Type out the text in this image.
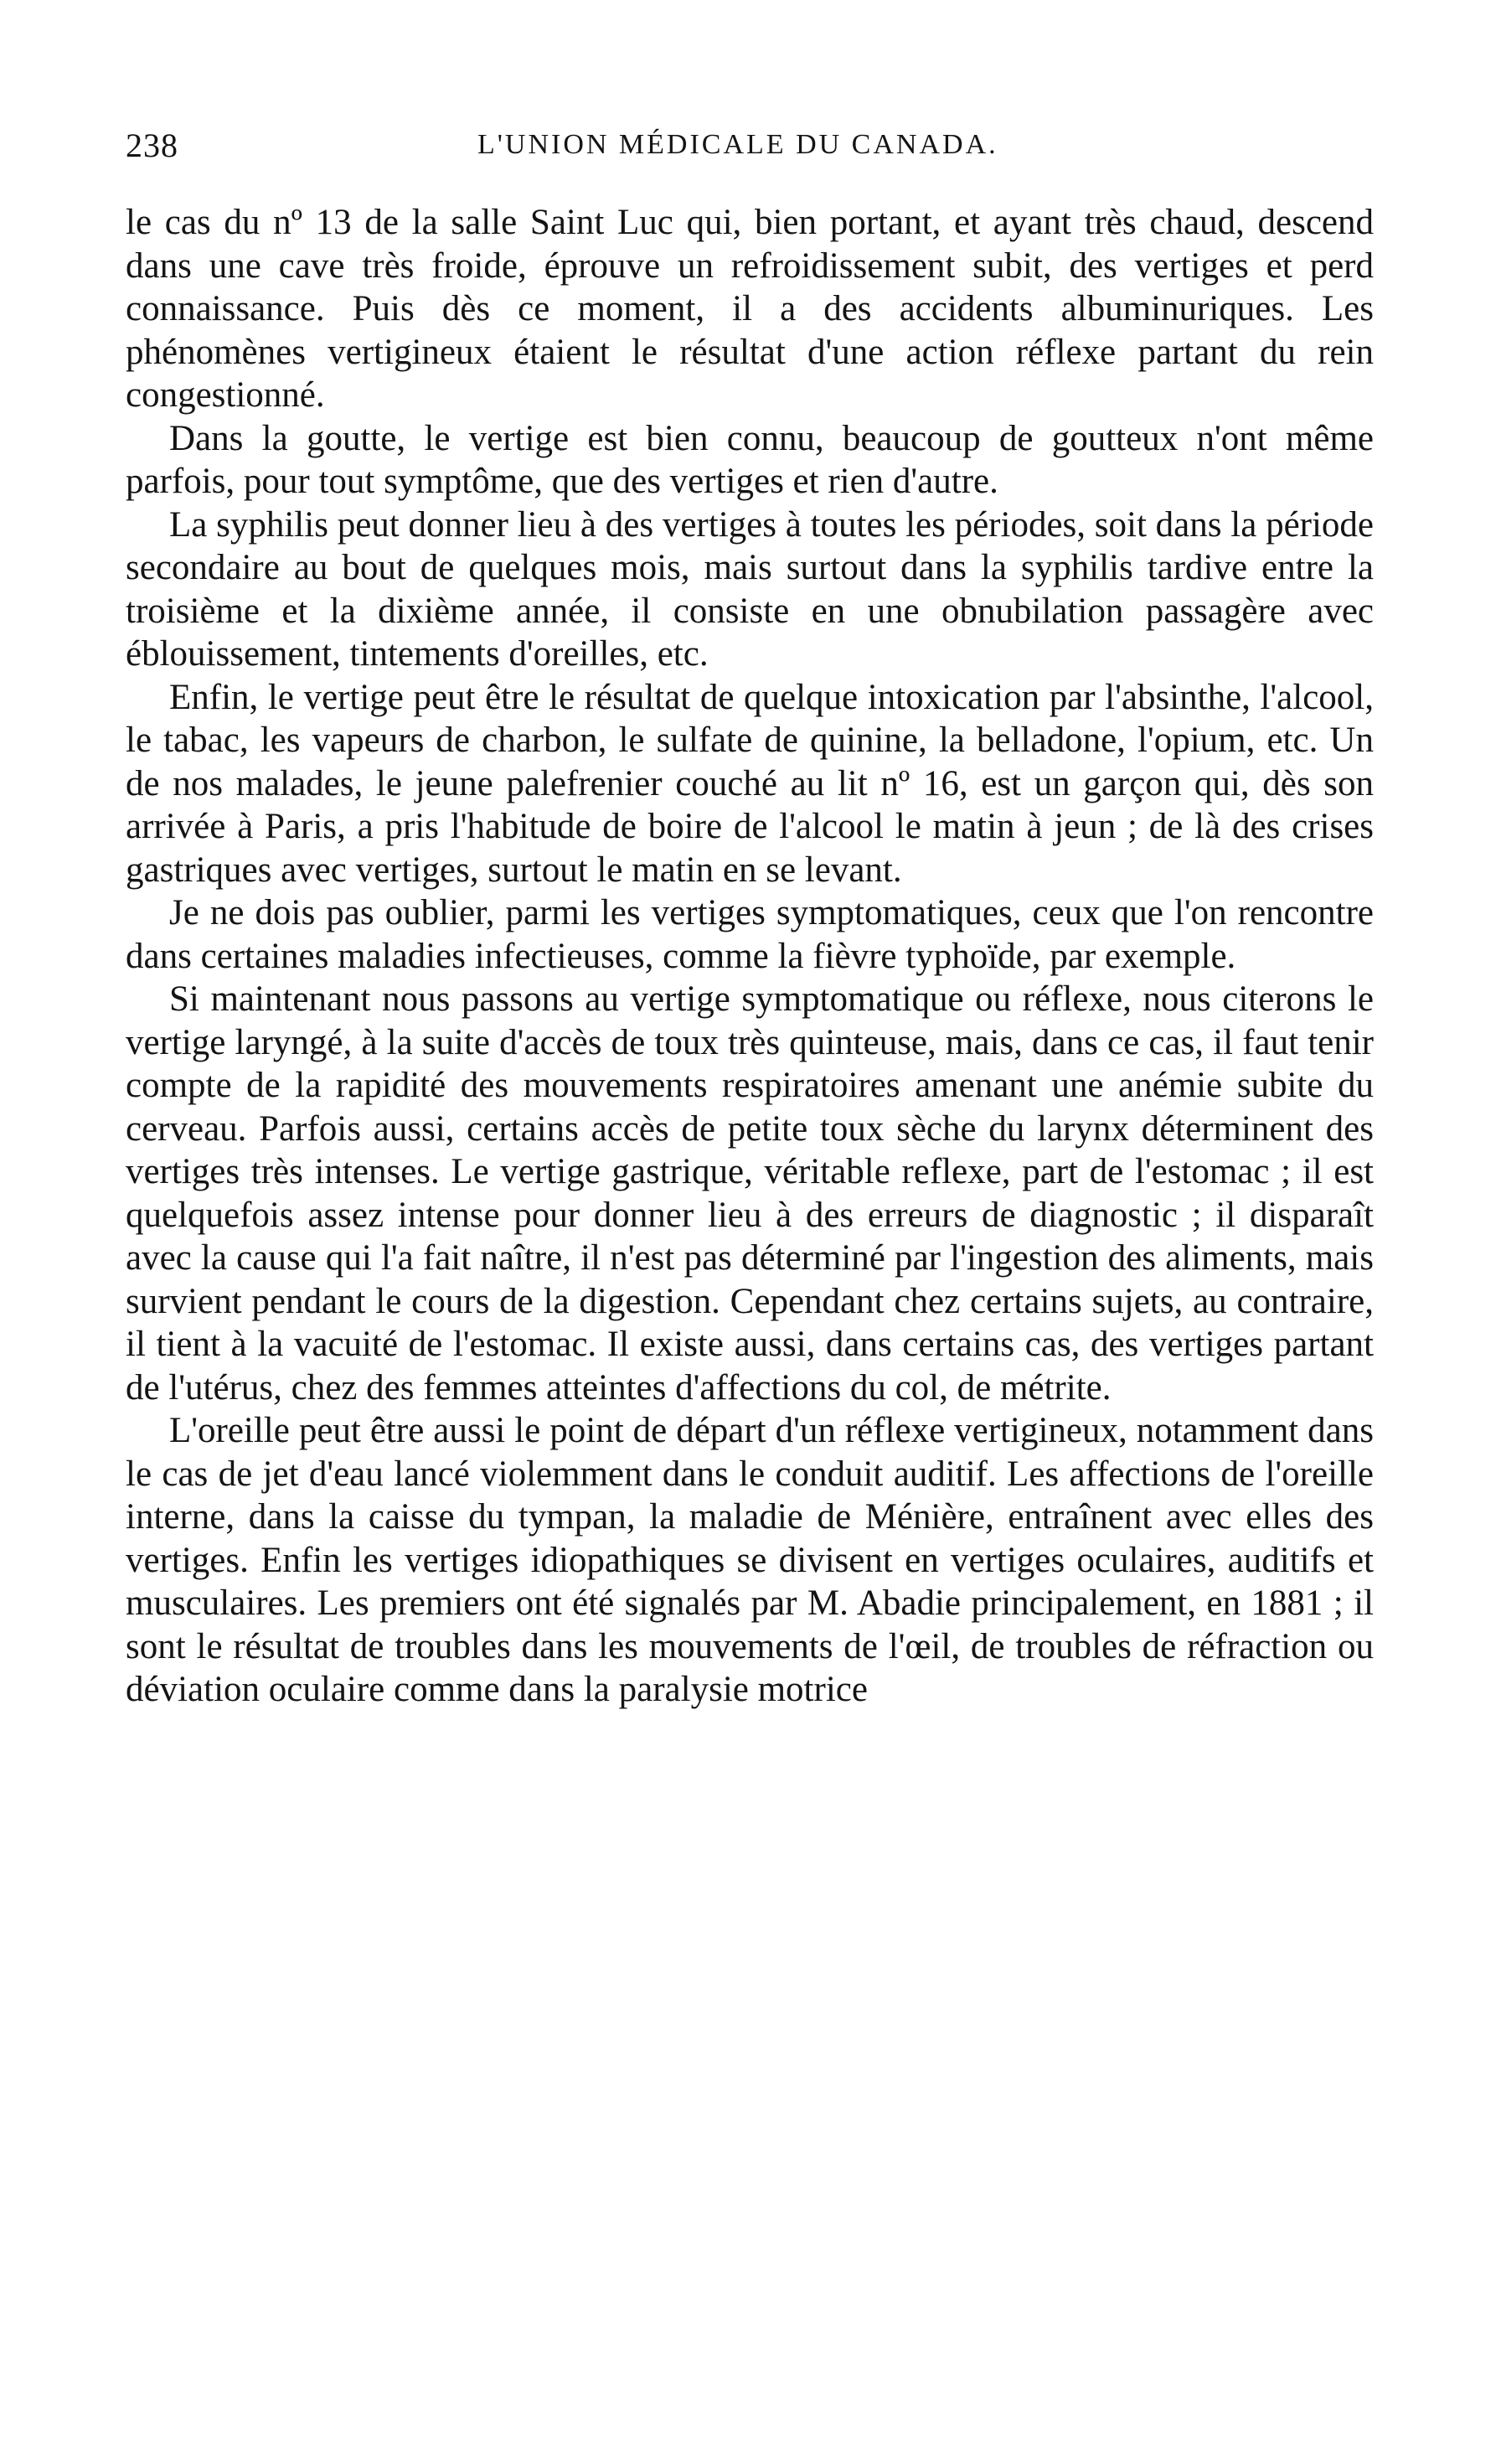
238	L'UNION MÉDICALE DU CANADA.

le cas du nº 13 de la salle Saint Luc qui, bien portant, et ayant très chaud, descend dans une cave très froide, éprouve un refroidissement subit, des vertiges et perd connaissance. Puis dès ce moment, il a des accidents albuminuriques. Les phénomènes vertigineux étaient le résultat d'une action réflexe partant du rein congestionné.

Dans la goutte, le vertige est bien connu, beaucoup de goutteux n'ont même parfois, pour tout symptôme, que des vertiges et rien d'autre.

La syphilis peut donner lieu à des vertiges à toutes les périodes, soit dans la période secondaire au bout de quelques mois, mais surtout dans la syphilis tardive entre la troisième et la dixième année, il consiste en une obnubilation passagère avec éblouissement, tintements d'oreilles, etc.

Enfin, le vertige peut être le résultat de quelque intoxication par l'absinthe, l'alcool, le tabac, les vapeurs de charbon, le sulfate de quinine, la belladone, l'opium, etc. Un de nos malades, le jeune palefrenier couché au lit nº 16, est un garçon qui, dès son arrivée à Paris, a pris l'habitude de boire de l'alcool le matin à jeun ; de là des crises gastriques avec vertiges, surtout le matin en se levant.

Je ne dois pas oublier, parmi les vertiges symptomatiques, ceux que l'on rencontre dans certaines maladies infectieuses, comme la fièvre typhoïde, par exemple.

Si maintenant nous passons au vertige symptomatique ou réflexe, nous citerons le vertige laryngé, à la suite d'accès de toux très quinteuse, mais, dans ce cas, il faut tenir compte de la rapidité des mouvements respiratoires amenant une anémie subite du cerveau. Parfois aussi, certains accès de petite toux sèche du larynx déterminent des vertiges très intenses. Le vertige gastrique, véritable reflexe, part de l'estomac ; il est quelquefois assez intense pour donner lieu à des erreurs de diagnostic ; il disparaît avec la cause qui l'a fait naître, il n'est pas déterminé par l'ingestion des aliments, mais survient pendant le cours de la digestion. Cependant chez certains sujets, au contraire, il tient à la vacuité de l'estomac. Il existe aussi, dans certains cas, des vertiges partant de l'utérus, chez des femmes atteintes d'affections du col, de métrite.

L'oreille peut être aussi le point de départ d'un réflexe vertigineux, notamment dans le cas de jet d'eau lancé violemment dans le conduit auditif. Les affections de l'oreille interne, dans la caisse du tympan, la maladie de Ménière, entraînent avec elles des vertiges. Enfin les vertiges idiopathiques se divisent en vertiges oculaires, auditifs et musculaires. Les premiers ont été signalés par M. Abadie principalement, en 1881 ; il sont le résultat de troubles dans les mouvements de l'œil, de troubles de réfraction ou déviation oculaire comme dans la paralysie motrice
